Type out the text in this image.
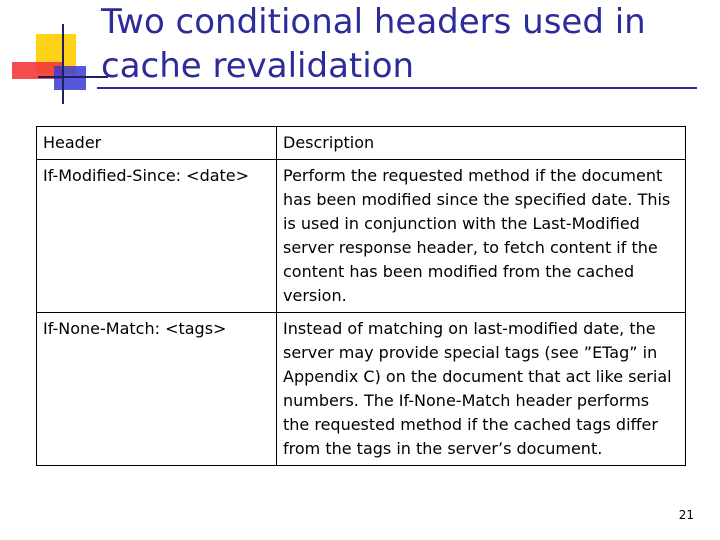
Two conditional headers used in
cache revalidation
Header	Description
If-Modified-Since: <date>	Perform the requested method if the document has been modified since the specified date. This is used in conjunction with the Last-Modified server response header, to fetch content if the content has been modified from the cached version.
If-None-Match: <tags>	Instead of matching on last-modified date, the server may provide special tags (see ”ETag” in Appendix C) on the document that act like serial numbers. The If-None-Match header performs the requested method if the cached tags differ from the tags in the server’s document.
21
